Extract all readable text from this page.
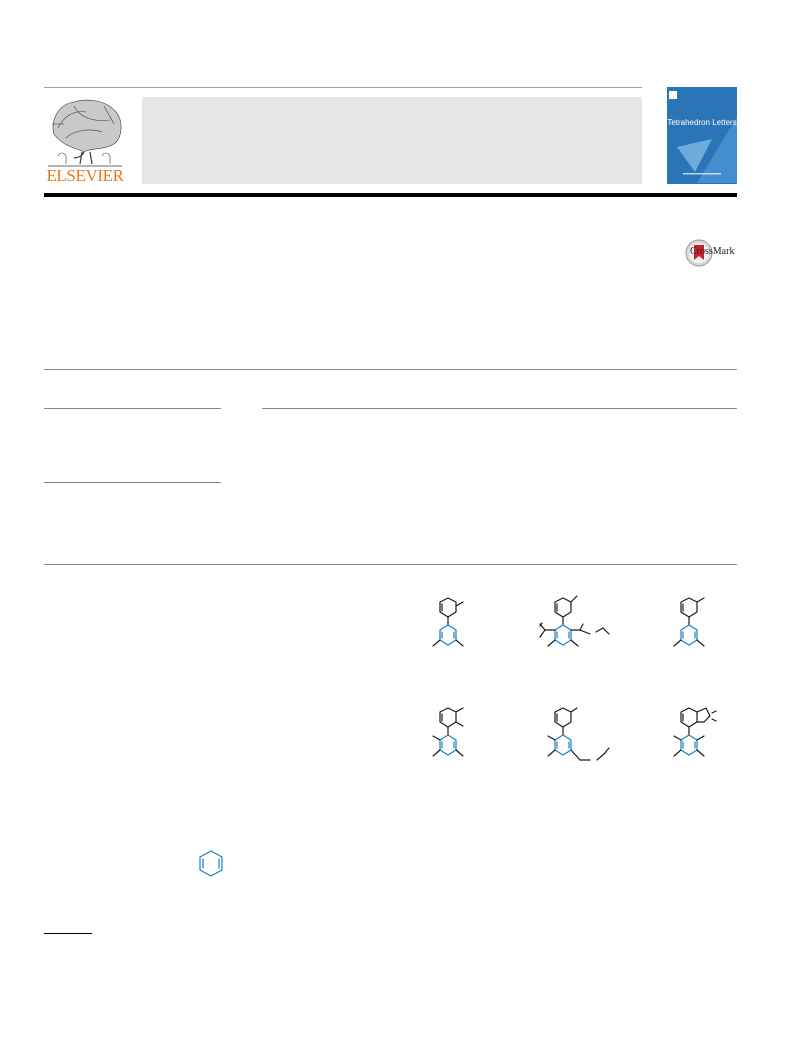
ELSEVIER
Tetrahedron Letters
CrossMark
